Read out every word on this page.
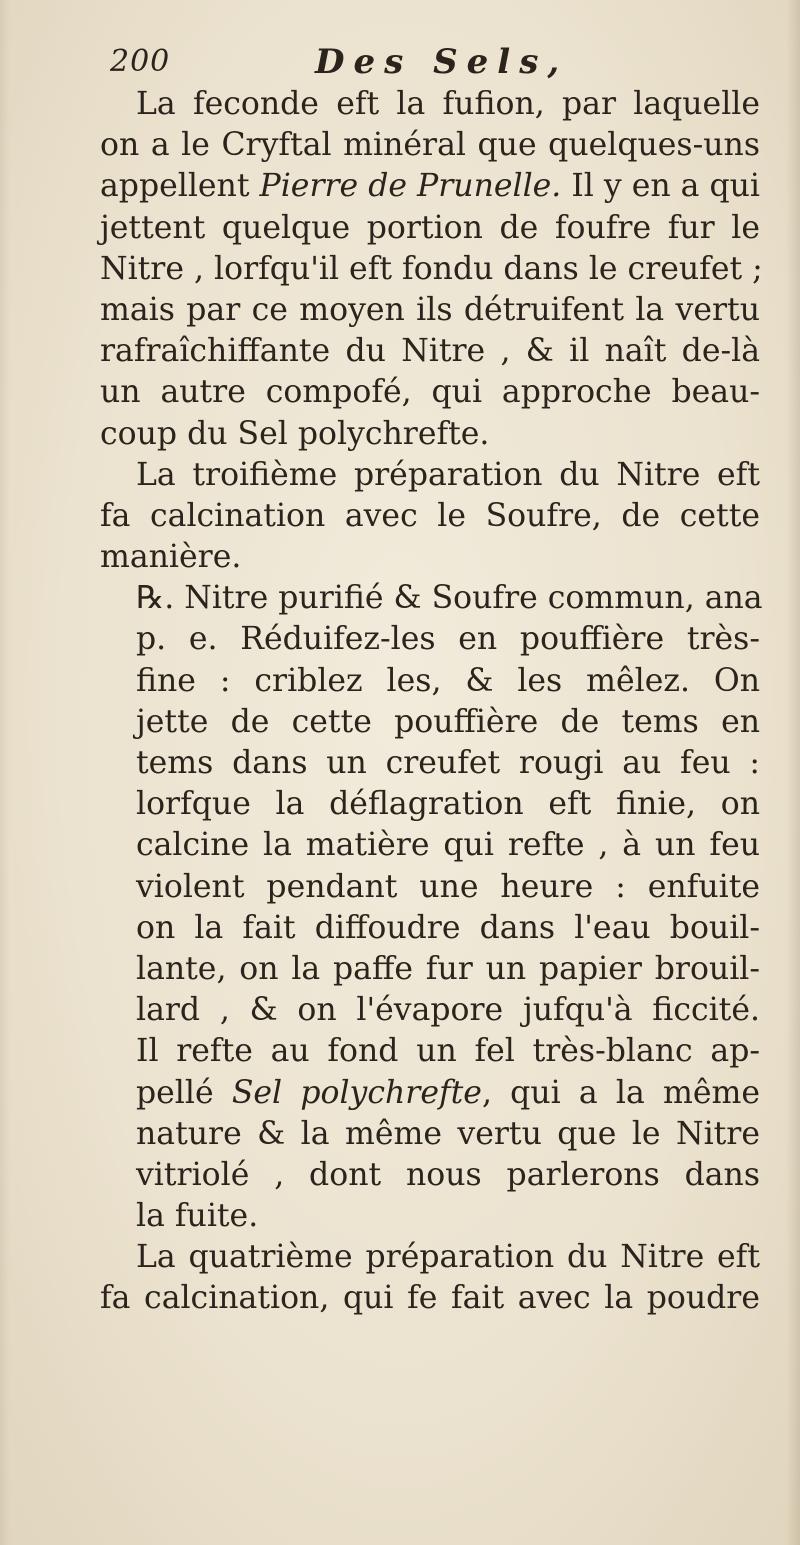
200	Des Sels,
La feconde eft la fufion, par laquelle
on a le Cryftal minéral que quelques-uns
appellent Pierre de Prunelle. Il y en a qui
jettent quelque portion de foufre fur le
Nitre , lorfqu'il eft fondu dans le creufet ;
mais par ce moyen ils détruifent la vertu
rafraîchiffante du Nitre , & il naît de-là
un autre compofé, qui approche beau-
coup du Sel polychrefte.
La troifième préparation du Nitre eft
fa calcination avec le Soufre, de cette
manière.
℞. Nitre purifié & Soufre commun, ana
p. e. Réduifez-les en pouffière très-
fine : criblez les, & les mêlez. On
jette de cette pouffière de tems en
tems dans un creufet rougi au feu :
lorfque la déflagration eft finie, on
calcine la matière qui refte , à un feu
violent pendant une heure : enfuite
on la fait diffoudre dans l'eau bouil-
lante, on la paffe fur un papier brouil-
lard , & on l'évapore jufqu'à ficcité.
Il refte au fond un fel très-blanc ap-
pellé Sel polychrefte, qui a la même
nature & la même vertu que le Nitre
vitriolé , dont nous parlerons dans
la fuite.
La quatrième préparation du Nitre eft
fa calcination, qui fe fait avec la poudre
